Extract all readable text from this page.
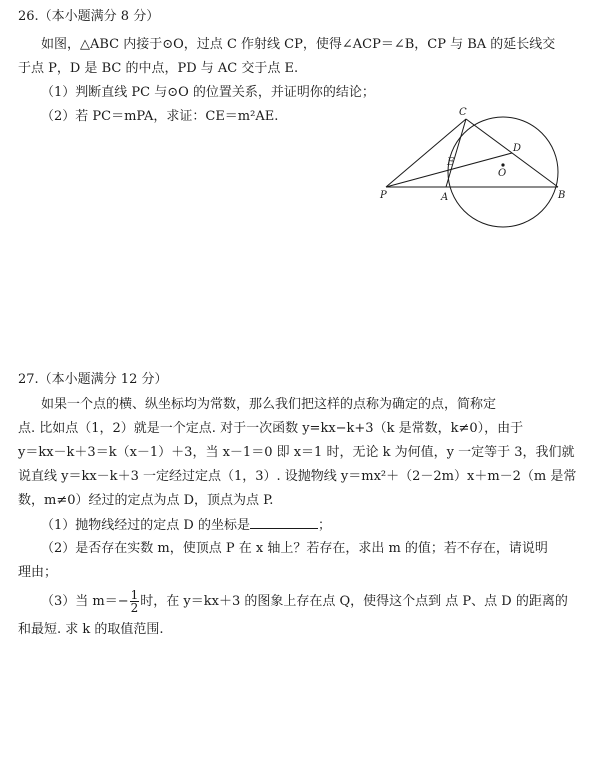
26.（本小题满分 8 分）
如图，△ABC 内接于⊙O，过点 C 作射线 CP，使得∠ACP＝∠B，CP 与 BA 的延长线交
于点 P，D 是 BC 的中点，PD 与 AC 交于点 E.
（1）判断直线 PC 与⊙O 的位置关系，并证明你的结论；
（2）若 PC＝mPA，求证：CE＝m²AE.	C
D
E
O
P	A	B
27.（本小题满分 12 分）
如果一个点的横、纵坐标均为常数，那么我们把这样的点称为确定的点，简称定
点. 比如点（1，2）就是一个定点. 对于一次函数 y=kx−k+3（k 是常数，k≠0），由于
y＝kx－k＋3＝k（x－1）＋3，当 x－1＝0 即 x＝1 时，无论 k 为何值，y 一定等于 3，我们就
说直线 y＝kx－k＋3 一定经过定点（1，3）. 设抛物线 y＝mx²＋（2－2m）x＋m－2（m 是常
数，m≠0）经过的定点为点 D，顶点为点 P.
（1）抛物线经过的定点 D 的坐标是	；
（2）是否存在实数 m，使顶点 P 在 x 轴上？若存在，求出 m 的值；若不存在，请说明
理由；
（3）当 $m=- \frac{1}{2}$ 时，在 y＝kx＋3 的图象上存在点 Q，使得这个点到 点 P、点 D 的距离的
和最短. 求 k 的取值范围.
